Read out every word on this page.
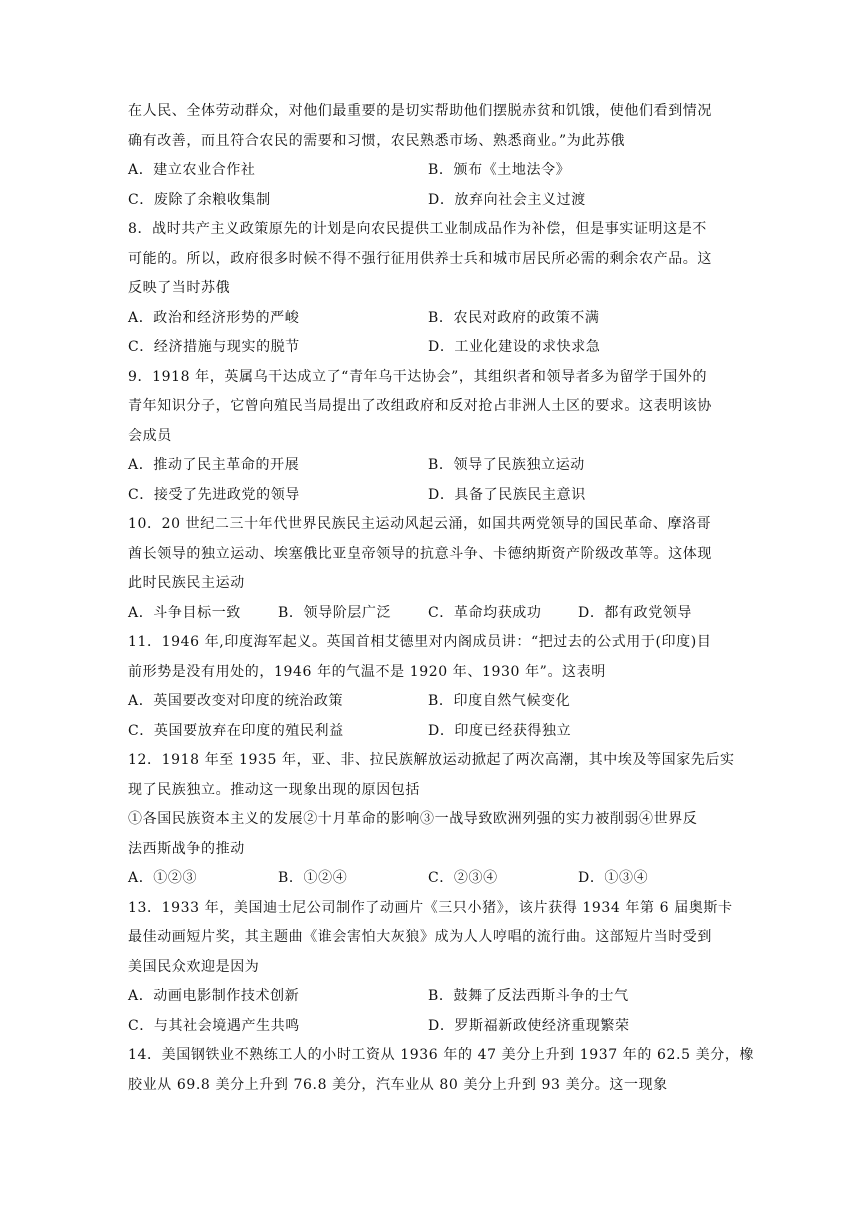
在人民、全体劳动群众，对他们最重要的是切实帮助他们摆脱赤贫和饥饿，使他们看到情况
确有改善，而且符合农民的需要和习惯，农民熟悉市场、熟悉商业。”为此苏俄
A．建立农业合作社	B．颁布《土地法令》
C．废除了余粮收集制	D．放弃向社会主义过渡
8．战时共产主义政策原先的计划是向农民提供工业制成品作为补偿，但是事实证明这是不
可能的。所以，政府很多时候不得不强行征用供养士兵和城市居民所必需的剩余农产品。这
反映了当时苏俄
A．政治和经济形势的严峻	B．农民对政府的政策不满
C．经济措施与现实的脱节	D．工业化建设的求快求急
9．1918 年，英属乌干达成立了“青年乌干达协会”，其组织者和领导者多为留学于国外的
青年知识分子，它曾向殖民当局提出了改组政府和反对抢占非洲人土区的要求。这表明该协
会成员
A．推动了民主革命的开展	B．领导了民族独立运动
C．接受了先进政党的领导	D．具备了民族民主意识
10．20 世纪二三十年代世界民族民主运动风起云涌，如国共两党领导的国民革命、摩洛哥
酋长领导的独立运动、埃塞俄比亚皇帝领导的抗意斗争、卡德纳斯资产阶级改革等。这体现
此时民族民主运动
A．斗争目标一致	B．领导阶层广泛	C．革命均获成功	D．都有政党领导
11．1946 年,印度海军起义。英国首相艾德里对内阁成员讲：“把过去的公式用于(印度)目
前形势是没有用处的，1946 年的气温不是 1920 年、1930 年”。这表明
A．英国要改变对印度的统治政策	B．印度自然气候变化
C．英国要放弃在印度的殖民利益	D．印度已经获得独立
12．1918 年至 1935 年，亚、非、拉民族解放运动掀起了两次高潮，其中埃及等国家先后实
现了民族独立。推动这一现象出现的原因包括
①各国民族资本主义的发展②十月革命的影响③一战导致欧洲列强的实力被削弱④世界反
法西斯战争的推动
A．①②③	B．①②④	C．②③④	D．①③④
13．1933 年，美国迪士尼公司制作了动画片《三只小猪》，该片获得 1934 年第 6 届奥斯卡
最佳动画短片奖，其主题曲《谁会害怕大灰狼》成为人人哼唱的流行曲。这部短片当时受到
美国民众欢迎是因为
A．动画电影制作技术创新	B．鼓舞了反法西斯斗争的士气
C．与其社会境遇产生共鸣	D．罗斯福新政使经济重现繁荣
14．美国钢铁业不熟练工人的小时工资从 1936 年的 47 美分上升到 1937 年的 62.5 美分，橡
胶业从 69.8 美分上升到 76.8 美分，汽车业从 80 美分上升到 93 美分。这一现象
